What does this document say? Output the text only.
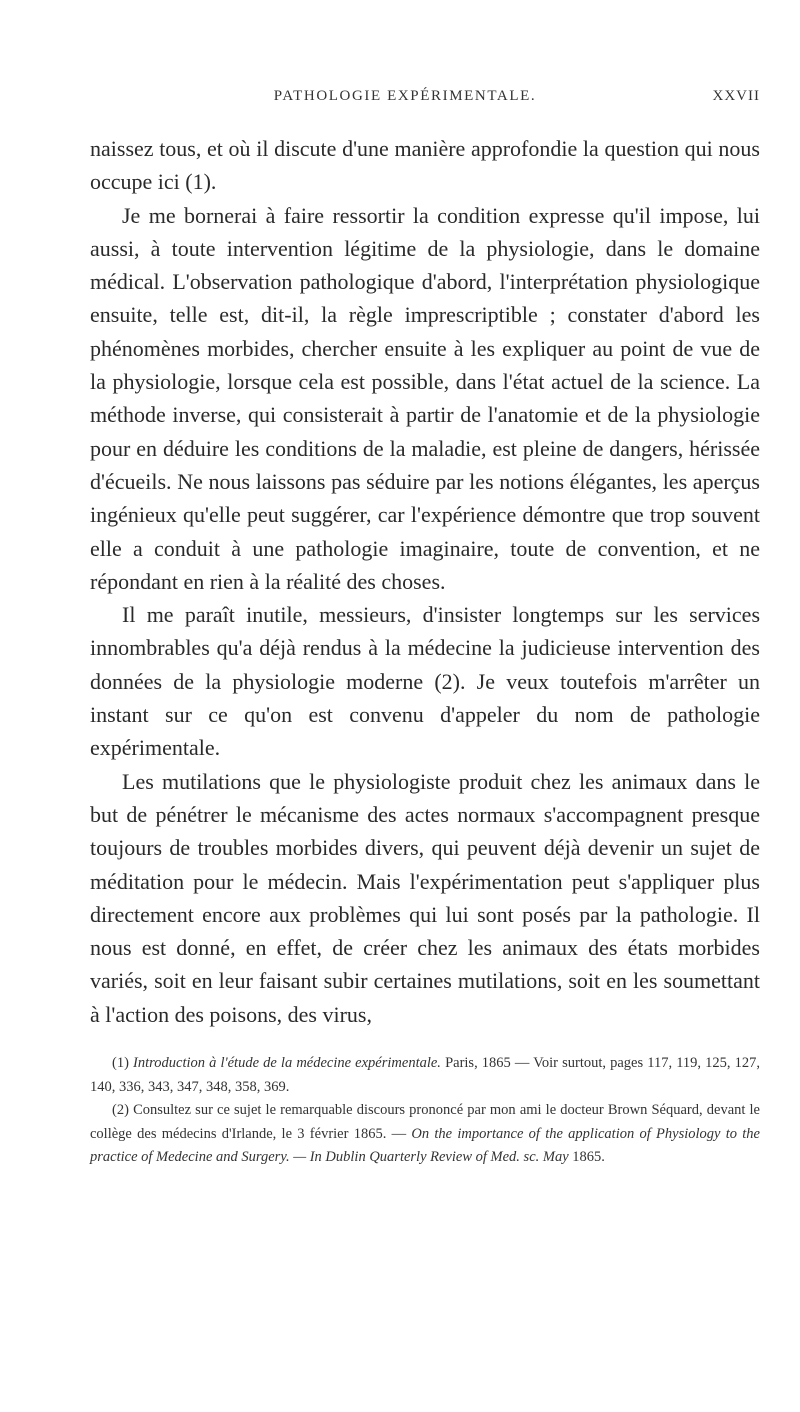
PATHOLOGIE EXPÉRIMENTALE.	XXVII

naissez tous, et où il discute d'une manière approfondie la question qui nous occupe ici (1).

Je me bornerai à faire ressortir la condition expresse qu'il impose, lui aussi, à toute intervention légitime de la physiologie, dans le domaine médical. L'observation pathologique d'abord, l'interprétation physiologique ensuite, telle est, dit-il, la règle imprescriptible ; constater d'abord les phénomènes morbides, chercher ensuite à les expliquer au point de vue de la physiologie, lorsque cela est possible, dans l'état actuel de la science. La méthode inverse, qui consisterait à partir de l'anatomie et de la physiologie pour en déduire les conditions de la maladie, est pleine de dangers, hérissée d'écueils. Ne nous laissons pas séduire par les notions élégantes, les aperçus ingénieux qu'elle peut suggérer, car l'expérience démontre que trop souvent elle a conduit à une pathologie imaginaire, toute de convention, et ne répondant en rien à la réalité des choses.

Il me paraît inutile, messieurs, d'insister longtemps sur les services innombrables qu'a déjà rendus à la médecine la judicieuse intervention des données de la physiologie moderne (2). Je veux toutefois m'arrêter un instant sur ce qu'on est convenu d'appeler du nom de pathologie expérimentale.

Les mutilations que le physiologiste produit chez les animaux dans le but de pénétrer le mécanisme des actes normaux s'accompagnent presque toujours de troubles morbides divers, qui peuvent déjà devenir un sujet de méditation pour le médecin. Mais l'expérimentation peut s'appliquer plus directement encore aux problèmes qui lui sont posés par la pathologie. Il nous est donné, en effet, de créer chez les animaux des états morbides variés, soit en leur faisant subir certaines mutilations, soit en les soumettant à l'action des poisons, des virus,

(1) Introduction à l'étude de la médecine expérimentale. Paris, 1865 — Voir surtout, pages 117, 119, 125, 127, 140, 336, 343, 347, 348, 358, 369.

(2) Consultez sur ce sujet le remarquable discours prononcé par mon ami le docteur Brown Séquard, devant le collège des médecins d'Irlande, le 3 février 1865. — On the importance of the application of Physiology to the practice of Medecine and Surgery. — In Dublin Quarterly Review of Med. sc. May 1865.
